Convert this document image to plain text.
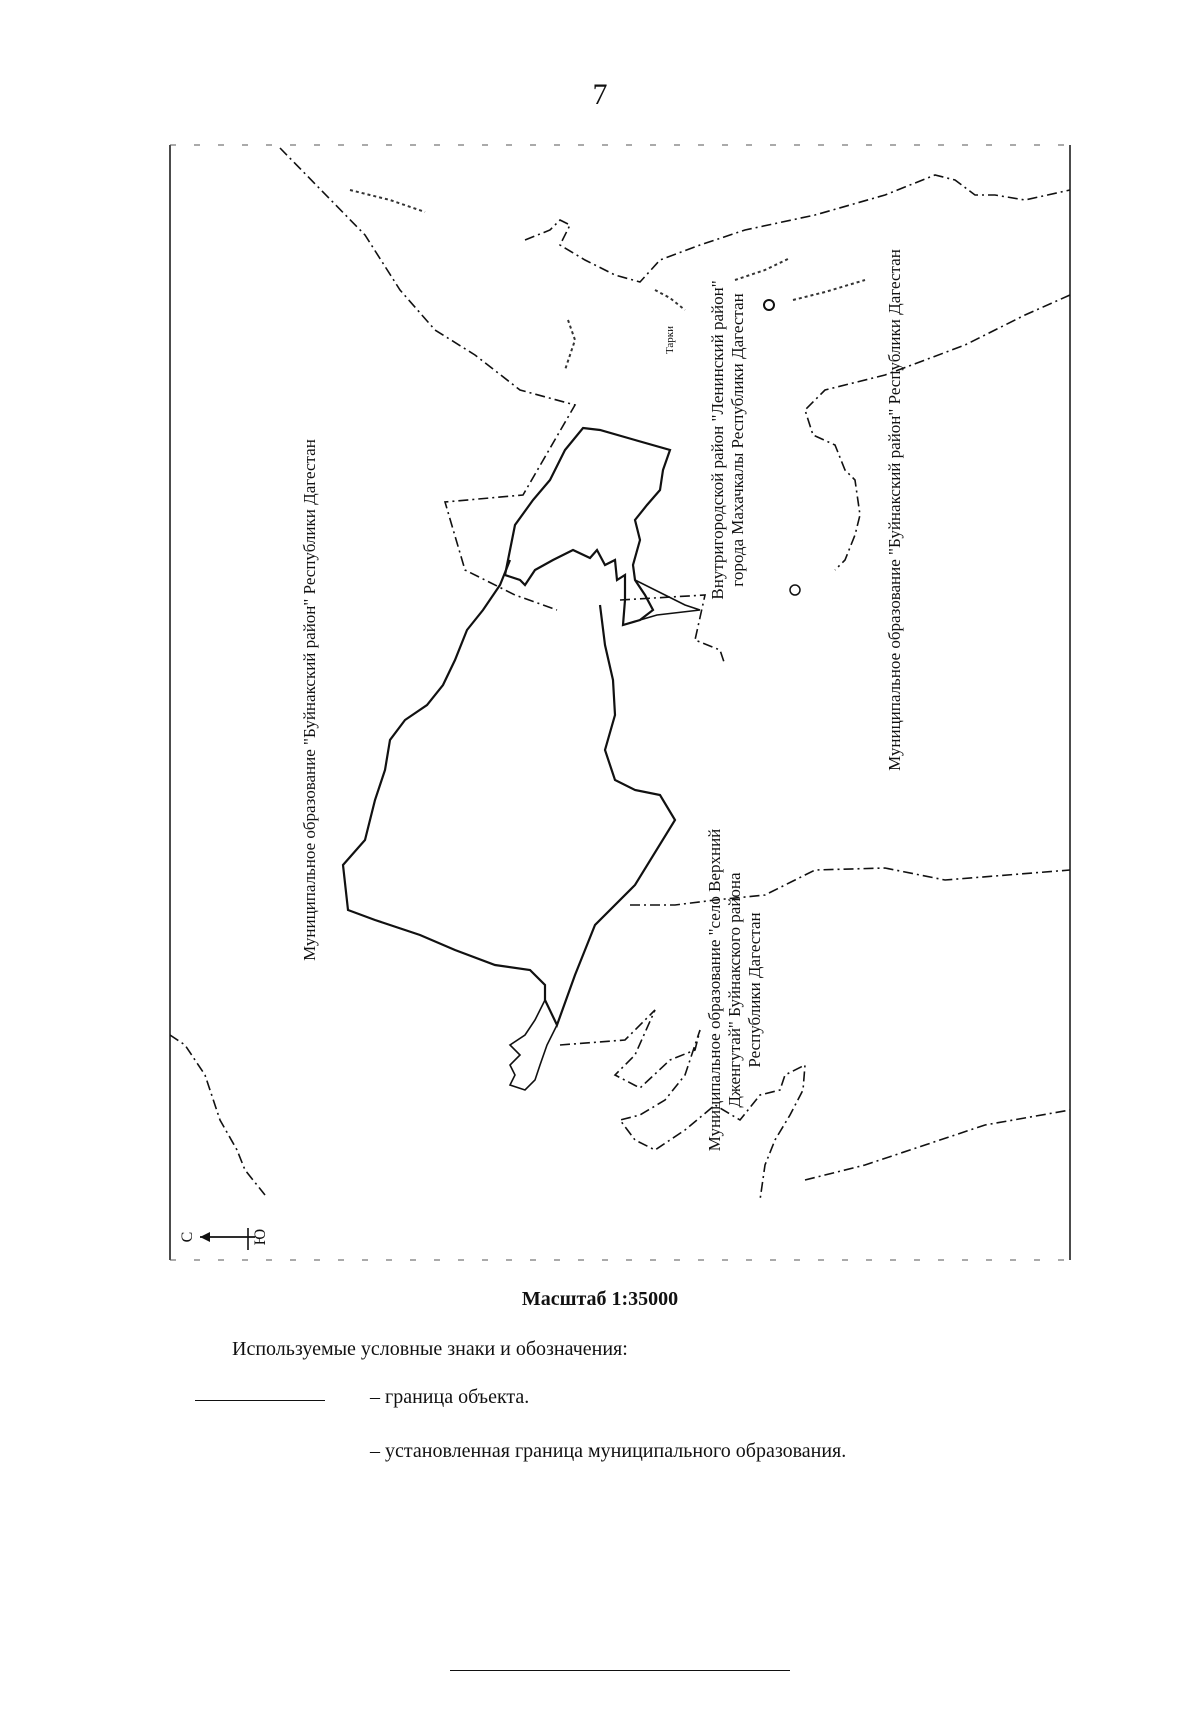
7
Муниципальное образование "Буйнакский район" Республики Дагестан	Муниципальное образование "Буйнакский район" Республики Дагестан
Внутригородской район "Ленинский район" города Махачкалы Республики Дагестан
Муниципальное образование "село Верхний Дженгутай" Буйнакского района Республики Дагестан
Тарки
С	Ю
Масштаб 1:35000
Используемые условные знаки и обозначения:
– граница объекта.
– установленная граница муниципального образования.
